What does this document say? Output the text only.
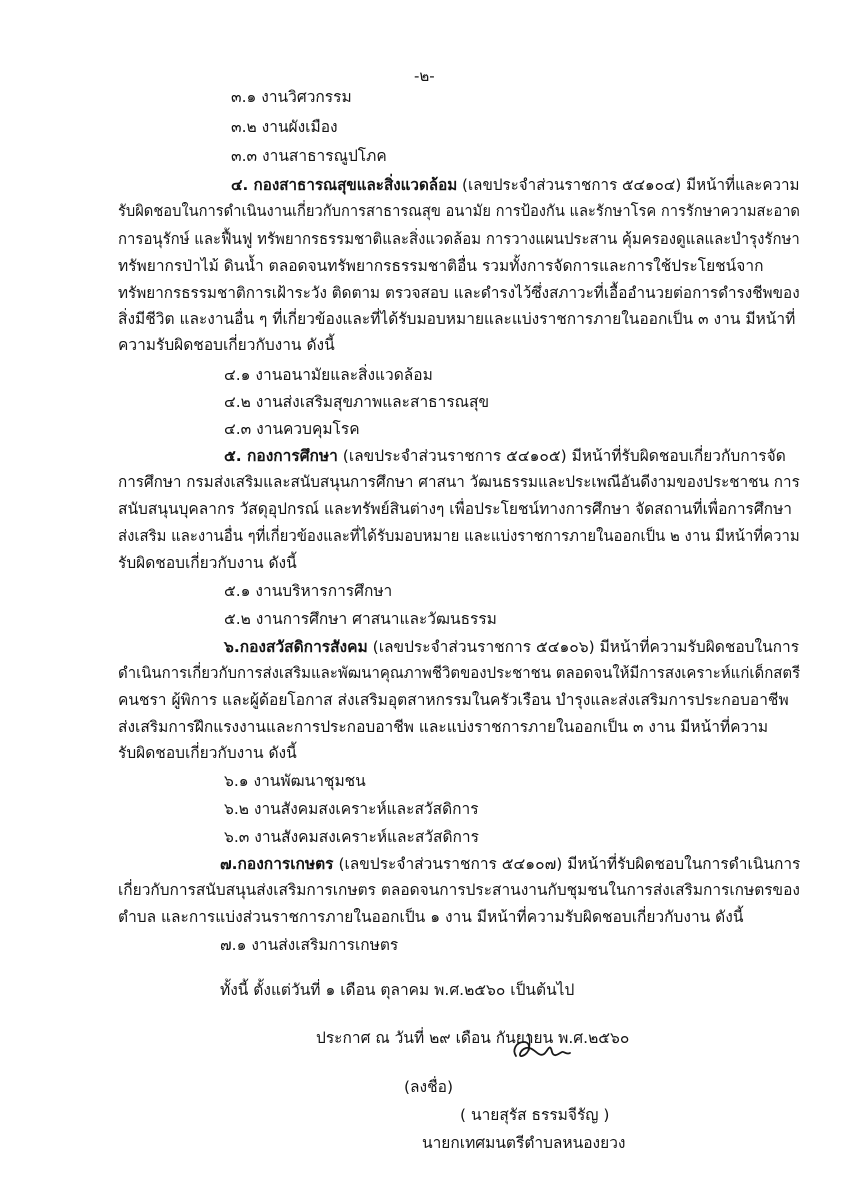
-๒-
๓.๑ งานวิศวกรรม
๓.๒ งานผังเมือง
๓.๓ งานสาธารณูปโภค
๔. กองสาธารณสุขและสิ่งแวดล้อม (เลขประจำส่วนราชการ ๕๔๑๐๔) มีหน้าที่และความ
รับผิดชอบในการดำเนินงานเกี่ยวกับการสาธารณสุข อนามัย การป้องกัน และรักษาโรค การรักษาความสะอาด
การอนุรักษ์ และฟื้นฟู ทรัพยากรธรรมชาติและสิ่งแวดล้อม การวางแผนประสาน คุ้มครองดูแลและบำรุงรักษา
ทรัพยากรป่าไม้ ดินน้ำ ตลอดจนทรัพยากรธรรมชาติอื่น รวมทั้งการจัดการและการใช้ประโยชน์จาก
ทรัพยากรธรรมชาติการเฝ้าระวัง ติดตาม ตรวจสอบ และดำรงไว้ซึ่งสภาวะที่เอื้ออำนวยต่อการดำรงชีพของ
สิ่งมีชีวิต และงานอื่น ๆ ที่เกี่ยวข้องและที่ได้รับมอบหมายและแบ่งราชการภายในออกเป็น ๓ งาน มีหน้าที่
ความรับผิดชอบเกี่ยวกับงาน ดังนี้
๔.๑ งานอนามัยและสิ่งแวดล้อม
๔.๒ งานส่งเสริมสุขภาพและสาธารณสุข
๔.๓ งานควบคุมโรค
๕. กองการศึกษา (เลขประจำส่วนราชการ ๕๔๑๐๕) มีหน้าที่รับผิดชอบเกี่ยวกับการจัด
การศึกษา กรมส่งเสริมและสนับสนุนการศึกษา ศาสนา วัฒนธรรมและประเพณีอันดีงามของประชาชน การ
สนับสนุนบุคลากร วัสดุอุปกรณ์ และทรัพย์สินต่างๆ เพื่อประโยชน์ทางการศึกษา จัดสถานที่เพื่อการศึกษา
ส่งเสริม และงานอื่น ๆที่เกี่ยวข้องและที่ได้รับมอบหมาย และแบ่งราชการภายในออกเป็น ๒ งาน มีหน้าที่ความ
รับผิดชอบเกี่ยวกับงาน ดังนี้
๕.๑ งานบริหารการศึกษา
๕.๒ งานการศึกษา ศาสนาและวัฒนธรรม
๖.กองสวัสดิการสังคม (เลขประจำส่วนราชการ ๕๔๑๐๖) มีหน้าที่ความรับผิดชอบในการ
ดำเนินการเกี่ยวกับการส่งเสริมและพัฒนาคุณภาพชีวิตของประชาชน ตลอดจนให้มีการสงเคราะห์แก่เด็กสตรี
คนชรา ผู้พิการ และผู้ด้อยโอกาส ส่งเสริมอุตสาหกรรมในครัวเรือน บำรุงและส่งเสริมการประกอบอาชีพ
ส่งเสริมการฝึกแรงงานและการประกอบอาชีพ และแบ่งราชการภายในออกเป็น ๓ งาน มีหน้าที่ความ
รับผิดชอบเกี่ยวกับงาน ดังนี้
๖.๑ งานพัฒนาชุมชน
๖.๒ งานสังคมสงเคราะห์และสวัสดิการ
๖.๓ งานสังคมสงเคราะห์และสวัสดิการ
๗.กองการเกษตร (เลขประจำส่วนราชการ ๕๔๑๐๗) มีหน้าที่รับผิดชอบในการดำเนินการ
เกี่ยวกับการสนับสนุนส่งเสริมการเกษตร ตลอดจนการประสานงานกับชุมชนในการส่งเสริมการเกษตรของ
ตำบล และการแบ่งส่วนราชการภายในออกเป็น ๑ งาน มีหน้าที่ความรับผิดชอบเกี่ยวกับงาน ดังนี้
๗.๑ งานส่งเสริมการเกษตร
ทั้งนี้ ตั้งแต่วันที่ ๑ เดือน ตุลาคม พ.ศ.๒๕๖๐ เป็นต้นไป
ประกาศ ณ วันที่ ๒๙ เดือน กันยายน พ.ศ.๒๕๖๐
(ลงชื่อ)
( นายสุรัส ธรรมจีรัญ )
นายกเทศมนตรีตำบลหนองยวง
